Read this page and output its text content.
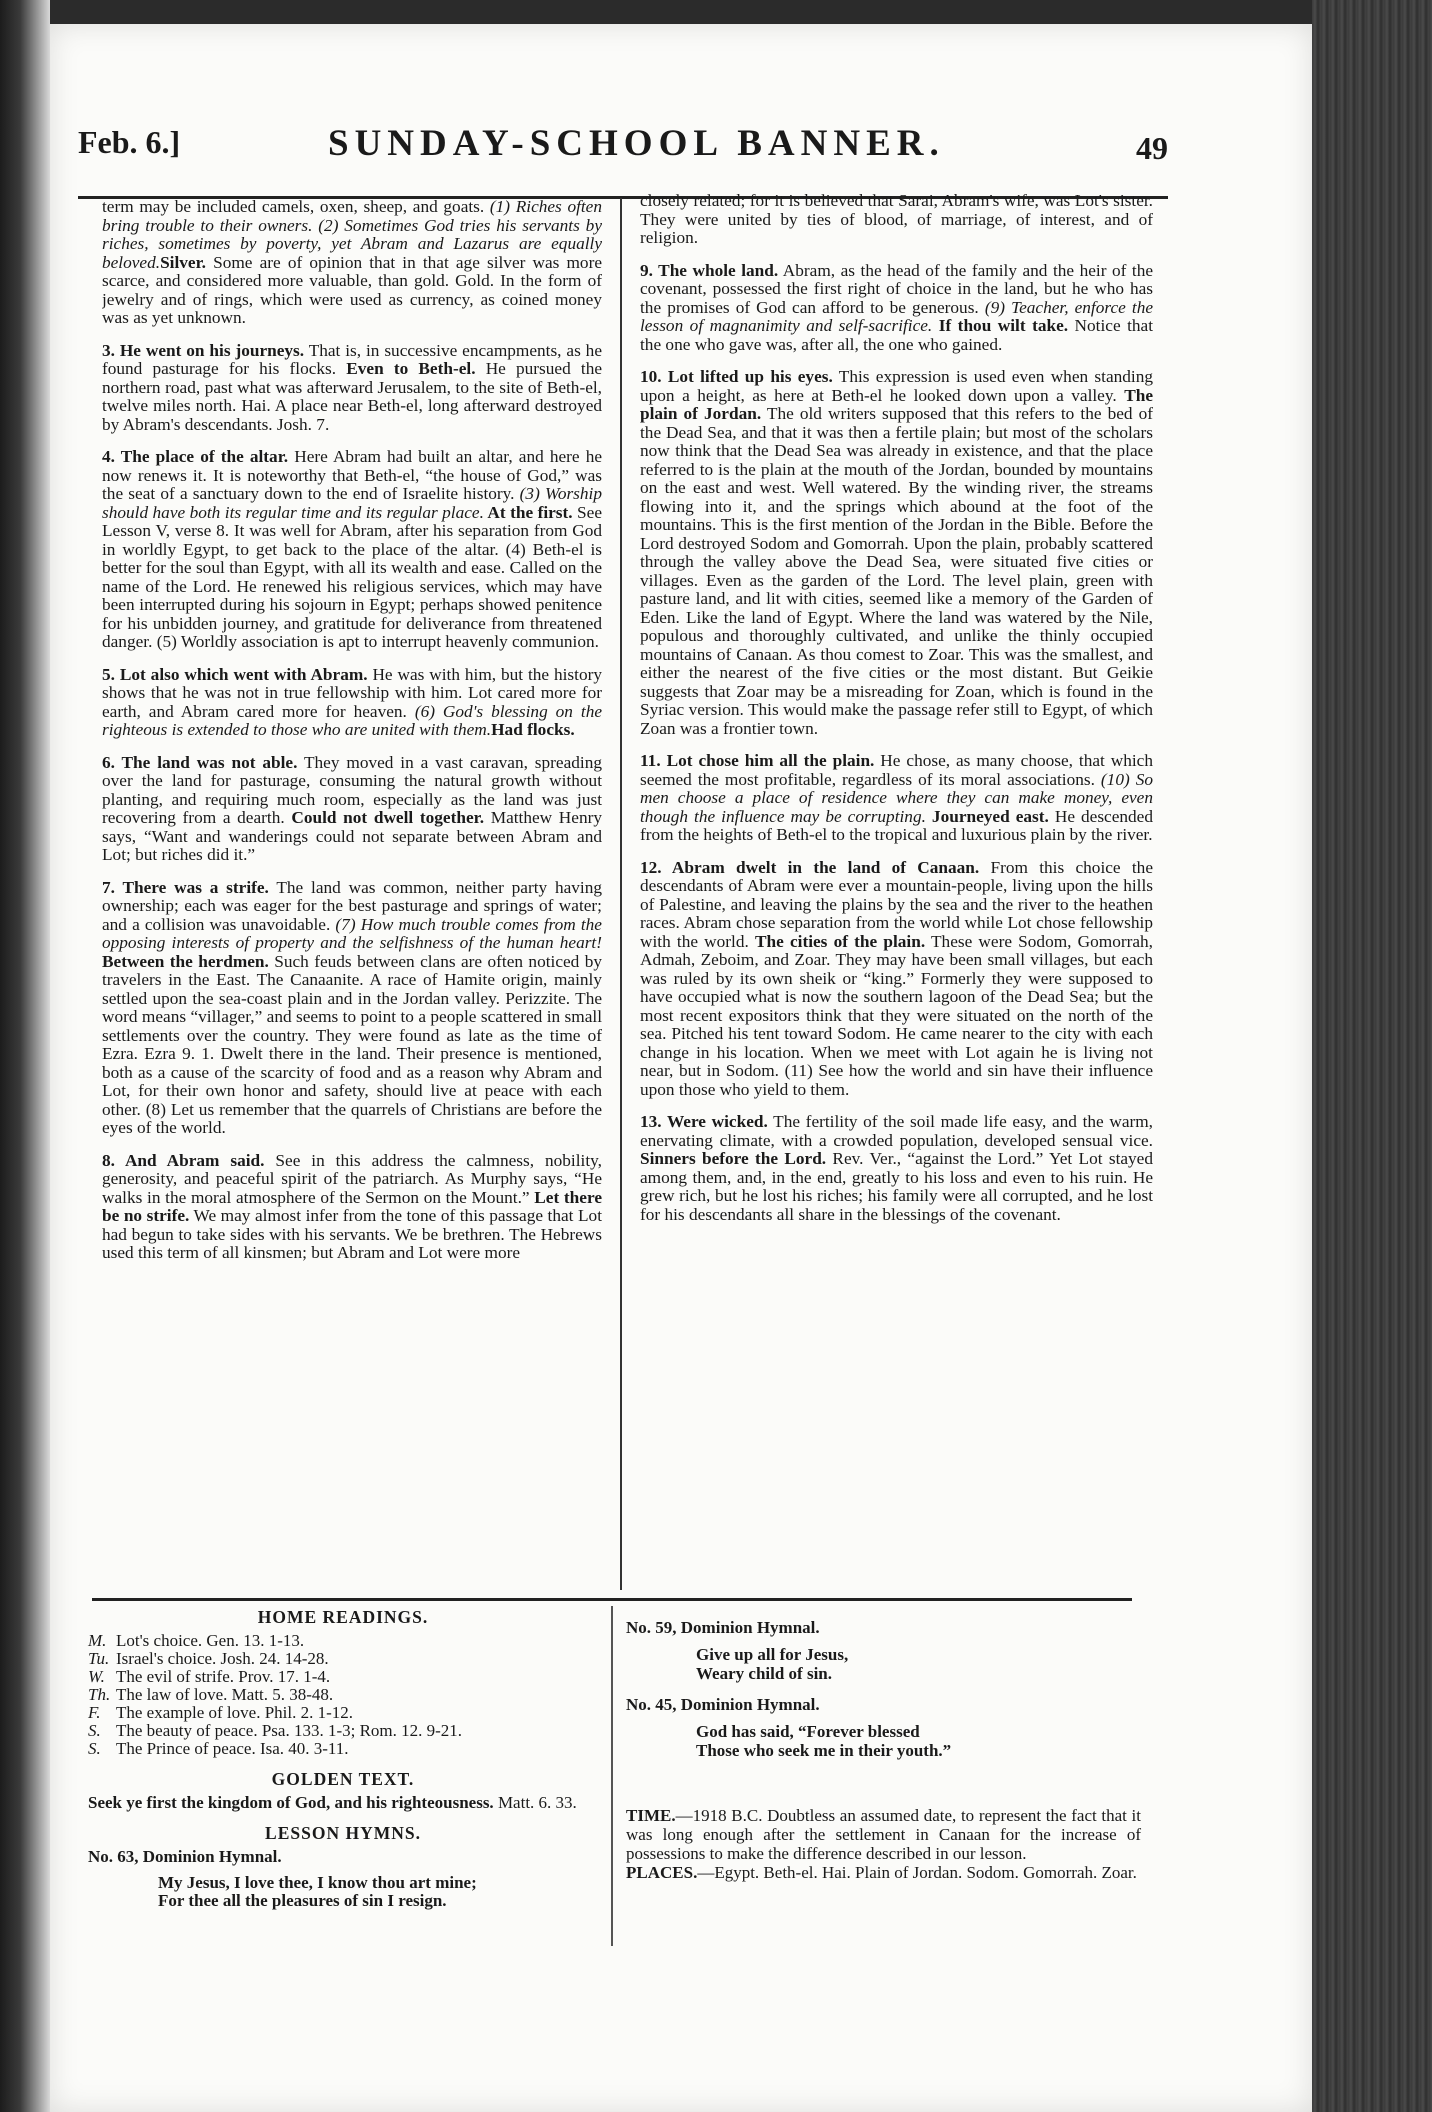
Feb. 6.]	SUNDAY-SCHOOL BANNER.	49

term may be included camels, oxen, sheep, and goats. (1) Riches often bring trouble to their owners. (2) Sometimes God tries his servants by riches, sometimes by poverty, yet Abram and Lazarus are equally beloved.Silver. Some are of opinion that in that age silver was more scarce, and considered more valuable, than gold. Gold. In the form of jewelry and of rings, which were used as currency, as coined money was as yet unknown.

3. He went on his journeys. That is, in successive encampments, as he found pasturage for his flocks. Even to Beth-el. He pursued the northern road, past what was afterward Jerusalem, to the site of Beth-el, twelve miles north. Hai. A place near Beth-el, long afterward destroyed by Abram's descendants. Josh. 7.

4. The place of the altar. Here Abram had built an altar, and here he now renews it. It is noteworthy that Beth-el, “the house of God,” was the seat of a sanctuary down to the end of Israelite history. (3) Worship should have both its regular time and its regular place. At the first. See Lesson V, verse 8. It was well for Abram, after his separation from God in worldly Egypt, to get back to the place of the altar. (4) Beth-el is better for the soul than Egypt, with all its wealth and ease. Called on the name of the Lord. He renewed his religious services, which may have been interrupted during his sojourn in Egypt; perhaps showed penitence for his unbidden journey, and gratitude for deliverance from threatened danger. (5) Worldly association is apt to interrupt heavenly communion.

5. Lot also which went with Abram. He was with him, but the history shows that he was not in true fellowship with him. Lot cared more for earth, and Abram cared more for heaven. (6) God's blessing on the righteous is extended to those who are united with them.Had flocks.

6. The land was not able. They moved in a vast caravan, spreading over the land for pasturage, consuming the natural growth without planting, and requiring much room, especially as the land was just recovering from a dearth. Could not dwell together. Matthew Henry says, “Want and wanderings could not separate between Abram and Lot; but riches did it.”

7. There was a strife. The land was common, neither party having ownership; each was eager for the best pasturage and springs of water; and a collision was unavoidable. (7) How much trouble comes from the opposing interests of property and the selfishness of the human heart! Between the herdmen. Such feuds between clans are often noticed by travelers in the East. The Canaanite. A race of Hamite origin, mainly settled upon the sea-coast plain and in the Jordan valley. Perizzite. The word means “villager,” and seems to point to a people scattered in small settlements over the country. They were found as late as the time of Ezra. Ezra 9. 1. Dwelt there in the land. Their presence is mentioned, both as a cause of the scarcity of food and as a reason why Abram and Lot, for their own honor and safety, should live at peace with each other. (8) Let us remember that the quarrels of Christians are before the eyes of the world.

8. And Abram said. See in this address the calmness, nobility, generosity, and peaceful spirit of the patriarch. As Murphy says, “He walks in the moral atmosphere of the Sermon on the Mount.” Let there be no strife. We may almost infer from the tone of this passage that Lot had begun to take sides with his servants. We be brethren. The Hebrews used this term of all kinsmen; but Abram and Lot were more

closely related; for it is believed that Sarai, Abram's wife, was Lot's sister. They were united by ties of blood, of marriage, of interest, and of religion.

9. The whole land. Abram, as the head of the family and the heir of the covenant, possessed the first right of choice in the land, but he who has the promises of God can afford to be generous. (9) Teacher, enforce the lesson of magnanimity and self-sacrifice. If thou wilt take. Notice that the one who gave was, after all, the one who gained.

10. Lot lifted up his eyes. This expression is used even when standing upon a height, as here at Beth-el he looked down upon a valley. The plain of Jordan. The old writers supposed that this refers to the bed of the Dead Sea, and that it was then a fertile plain; but most of the scholars now think that the Dead Sea was already in existence, and that the place referred to is the plain at the mouth of the Jordan, bounded by mountains on the east and west. Well watered. By the winding river, the streams flowing into it, and the springs which abound at the foot of the mountains. This is the first mention of the Jordan in the Bible. Before the Lord destroyed Sodom and Gomorrah. Upon the plain, probably scattered through the valley above the Dead Sea, were situated five cities or villages. Even as the garden of the Lord. The level plain, green with pasture land, and lit with cities, seemed like a memory of the Garden of Eden. Like the land of Egypt. Where the land was watered by the Nile, populous and thoroughly cultivated, and unlike the thinly occupied mountains of Canaan. As thou comest to Zoar. This was the smallest, and either the nearest of the five cities or the most distant. But Geikie suggests that Zoar may be a misreading for Zoan, which is found in the Syriac version. This would make the passage refer still to Egypt, of which Zoan was a frontier town.

11. Lot chose him all the plain. He chose, as many choose, that which seemed the most profitable, regardless of its moral associations. (10) So men choose a place of residence where they can make money, even though the influence may be corrupting. Journeyed east. He descended from the heights of Beth-el to the tropical and luxurious plain by the river.

12. Abram dwelt in the land of Canaan. From this choice the descendants of Abram were ever a mountain-people, living upon the hills of Palestine, and leaving the plains by the sea and the river to the heathen races. Abram chose separation from the world while Lot chose fellowship with the world. The cities of the plain. These were Sodom, Gomorrah, Admah, Zeboim, and Zoar. They may have been small villages, but each was ruled by its own sheik or “king.” Formerly they were supposed to have occupied what is now the southern lagoon of the Dead Sea; but the most recent expositors think that they were situated on the north of the sea. Pitched his tent toward Sodom. He came nearer to the city with each change in his location. When we meet with Lot again he is living not near, but in Sodom. (11) See how the world and sin have their influence upon those who yield to them.

13. Were wicked. The fertility of the soil made life easy, and the warm, enervating climate, with a crowded population, developed sensual vice. Sinners before the Lord. Rev. Ver., “against the Lord.” Yet Lot stayed among them, and, in the end, greatly to his loss and even to his ruin. He grew rich, but he lost his riches; his family were all corrupted, and he lost for his descendants all share in the blessings of the covenant.

HOME READINGS.
M. Lot's choice. Gen. 13. 1-13.
Tu. Israel's choice. Josh. 24. 14-28.
W. The evil of strife. Prov. 17. 1-4.
Th. The law of love. Matt. 5. 38-48.
F. The example of love. Phil. 2. 1-12.
S. The beauty of peace. Psa. 133. 1-3; Rom. 12. 9-21.
S. The Prince of peace. Isa. 40. 3-11.
GOLDEN TEXT.
Seek ye first the kingdom of God, and his righteousness. Matt. 6. 33.
LESSON HYMNS.
No. 63, Dominion Hymnal.
My Jesus, I love thee, I know thou art mine;
For thee all the pleasures of sin I resign.
No. 59, Dominion Hymnal.
Give up all for Jesus,
Weary child of sin.
No. 45, Dominion Hymnal.
God has said, “Forever blessed
Those who seek me in their youth.”
TIME.—1918 B.C. Doubtless an assumed date, to represent the fact that it was long enough after the settlement in Canaan for the increase of possessions to make the difference described in our lesson.
PLACES.—Egypt. Beth-el. Hai. Plain of Jordan. Sodom. Gomorrah. Zoar.
